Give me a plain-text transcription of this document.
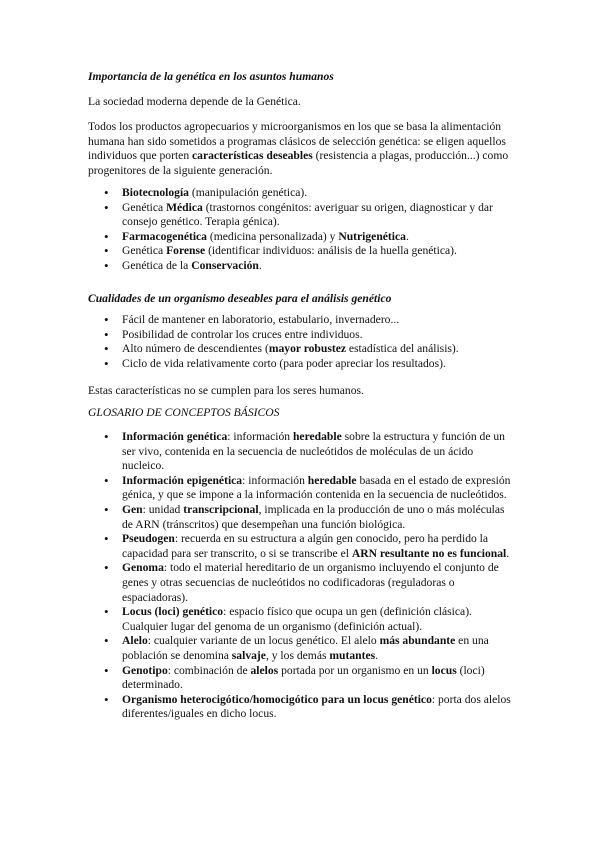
Importancia de la genética en los asuntos humanos
La sociedad moderna depende de la Genética.
Todos los productos agropecuarios y microorganismos en los que se basa la alimentación humana han sido sometidos a programas clásicos de selección genética: se eligen aquellos individuos que porten características deseables (resistencia a plagas, producción...) como progenitores de la siguiente generación.
• Biotecnología (manipulación genética).
• Genética Médica (trastornos congénitos: averiguar su origen, diagnosticar y dar consejo genético. Terapia génica).
• Farmacogenética (medicina personalizada) y Nutrigenética.
• Genética Forense (identificar individuos: análisis de la huella genética).
• Genética de la Conservación.
Cualidades de un organismo deseables para el análisis genético
• Fácil de mantener en laboratorio, estabulario, invernadero...
• Posibilidad de controlar los cruces entre individuos.
• Alto número de descendientes (mayor robustez estadística del análisis).
• Ciclo de vida relativamente corto (para poder apreciar los resultados).
Estas características no se cumplen para los seres humanos.
GLOSARIO DE CONCEPTOS BÁSICOS
• Información genética: información heredable sobre la estructura y función de un ser vivo, contenida en la secuencia de nucleótidos de moléculas de un ácido nucleico.
• Información epigenética: información heredable basada en el estado de expresión génica, y que se impone a la información contenida en la secuencia de nucleótidos.
• Gen: unidad transcripcional, implicada en la producción de uno o más moléculas de ARN (tránscritos) que desempeñan una función biológica.
• Pseudogen: recuerda en su estructura a algún gen conocido, pero ha perdido la capacidad para ser transcrito, o si se transcribe el ARN resultante no es funcional.
• Genoma: todo el material hereditario de un organismo incluyendo el conjunto de genes y otras secuencias de nucleótidos no codificadoras (reguladoras o espaciadoras).
• Locus (loci) genético: espacio físico que ocupa un gen (definición clásica). Cualquier lugar del genoma de un organismo (definición actual).
• Alelo: cualquier variante de un locus genético. El alelo más abundante en una población se denomina salvaje, y los demás mutantes.
• Genotipo: combinación de alelos portada por un organismo en un locus (loci) determinado.
• Organismo heterocigótico/homocigótico para un locus genético: porta dos alelos diferentes/iguales en dicho locus.
